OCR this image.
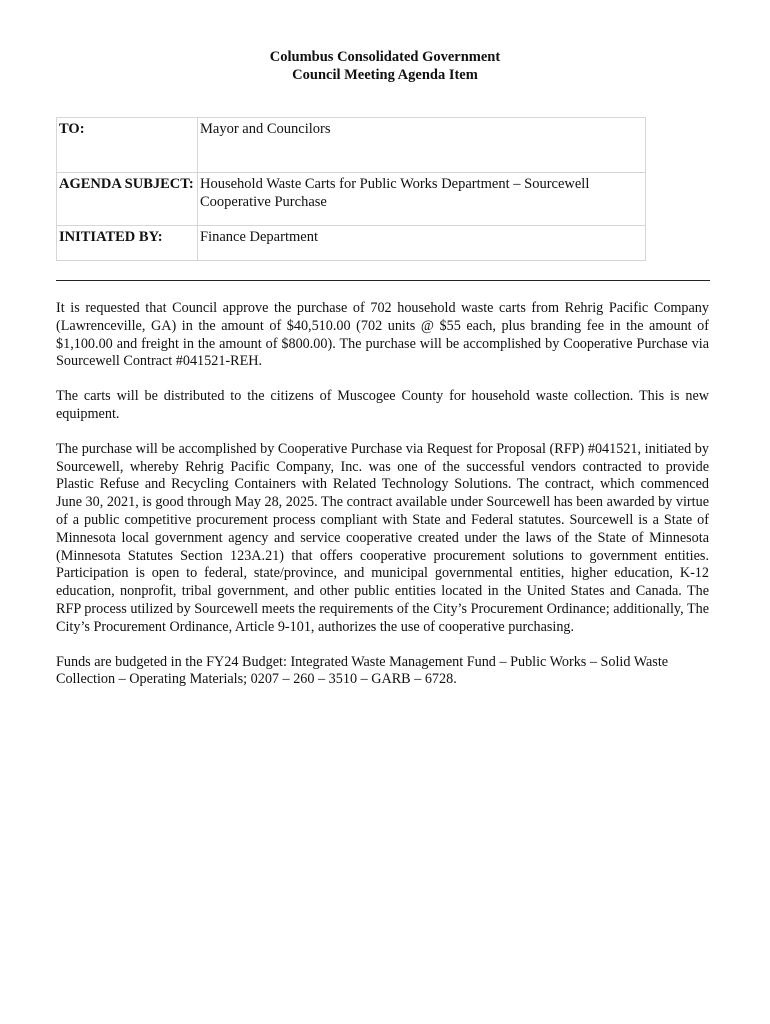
Columbus Consolidated Government
Council Meeting Agenda Item
TO:	Mayor and Councilors
AGENDA SUBJECT:	Household Waste Carts for Public Works Department – Sourcewell Cooperative Purchase
INITIATED BY:	Finance Department

It is requested that Council approve the purchase of 702 household waste carts from Rehrig Pacific Company (Lawrenceville, GA) in the amount of $40,510.00 (702 units @ $55 each, plus branding fee in the amount of $1,100.00 and freight in the amount of $800.00). The purchase will be accomplished by Cooperative Purchase via Sourcewell Contract #041521-REH.

The carts will be distributed to the citizens of Muscogee County for household waste collection. This is new equipment.

The purchase will be accomplished by Cooperative Purchase via Request for Proposal (RFP) #041521, initiated by Sourcewell, whereby Rehrig Pacific Company, Inc. was one of the successful vendors contracted to provide Plastic Refuse and Recycling Containers with Related Technology Solutions. The contract, which commenced June 30, 2021, is good through May 28, 2025. The contract available under Sourcewell has been awarded by virtue of a public competitive procurement process compliant with State and Federal statutes. Sourcewell is a State of Minnesota local government agency and service cooperative created under the laws of the State of Minnesota (Minnesota Statutes Section 123A.21) that offers cooperative procurement solutions to government entities. Participation is open to federal, state/province, and municipal governmental entities, higher education, K-12 education, nonprofit, tribal government, and other public entities located in the United States and Canada. The RFP process utilized by Sourcewell meets the requirements of the City’s Procurement Ordinance; additionally, The City’s Procurement Ordinance, Article 9-101, authorizes the use of cooperative purchasing.

Funds are budgeted in the FY24 Budget: Integrated Waste Management Fund – Public Works – Solid Waste Collection – Operating Materials; 0207 – 260 – 3510 – GARB – 6728.
